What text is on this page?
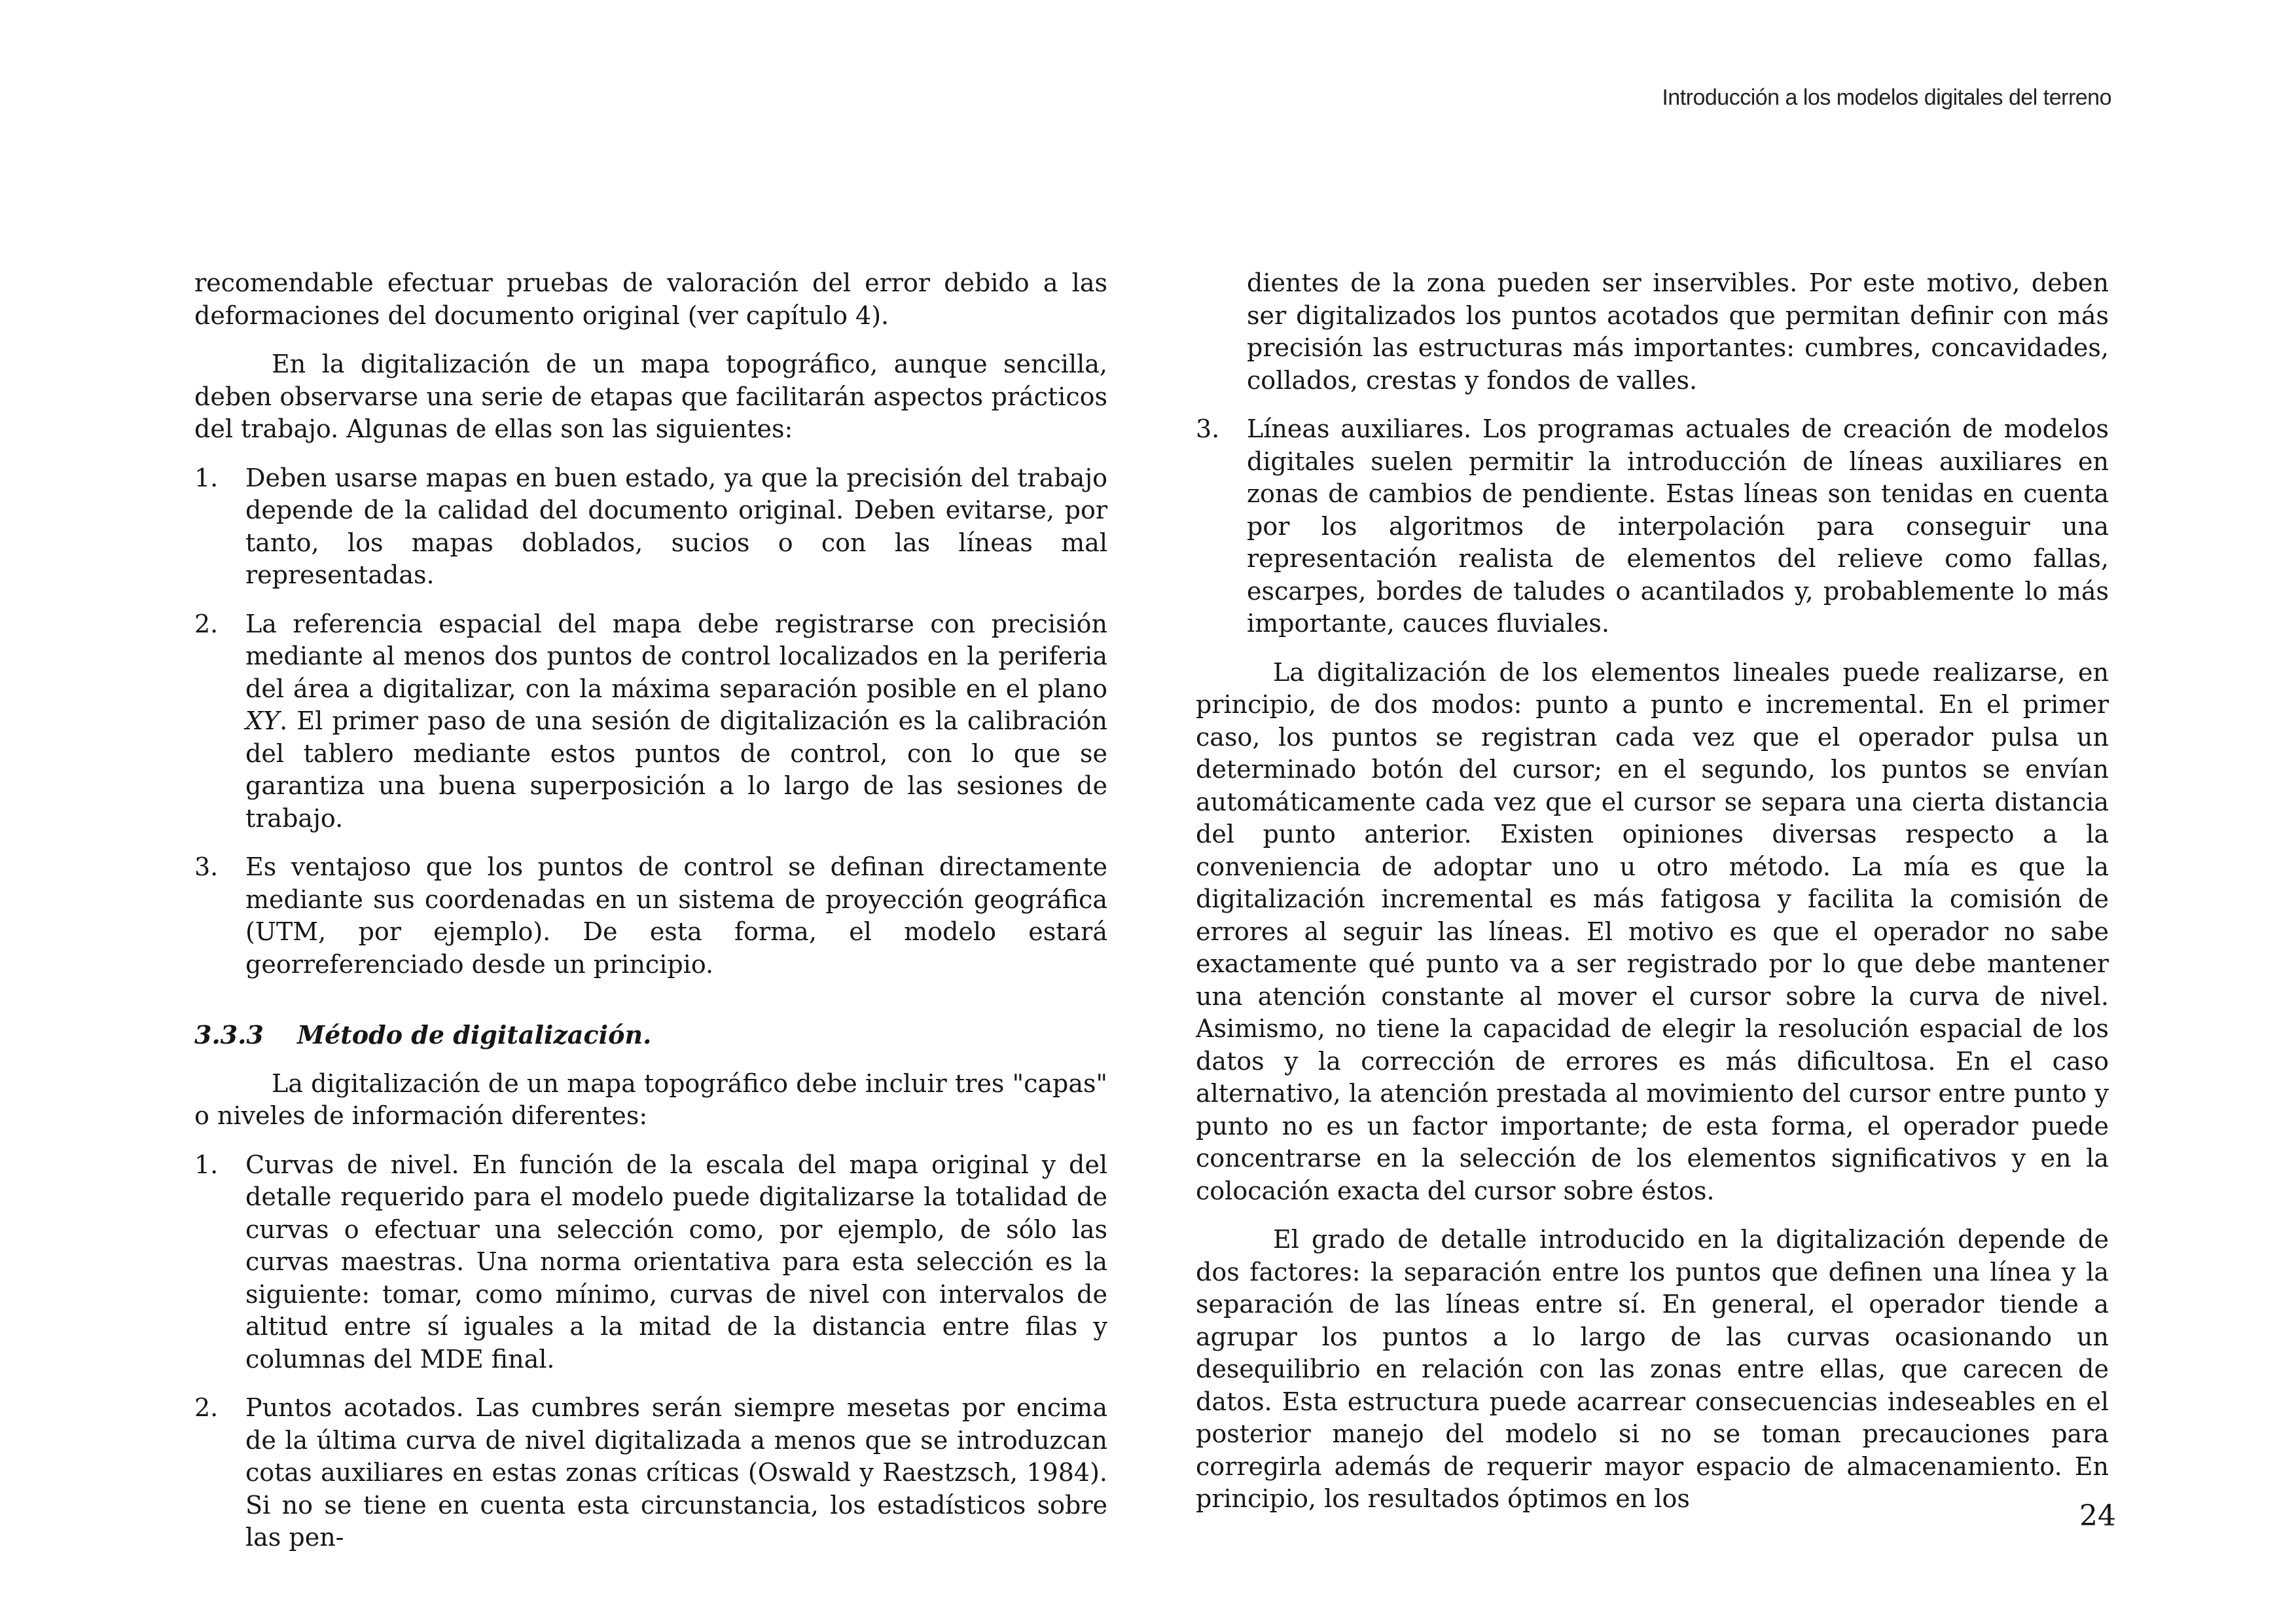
Introducción a los modelos digitales del terreno

recomendable efectuar pruebas de valoración del error debido a las deformaciones del documento original (ver capítulo 4).

En la digitalización de un mapa topográfico, aunque sencilla, deben observarse una serie de etapas que facilitarán aspectos prácticos del trabajo. Algunas de ellas son las siguientes:

1. Deben usarse mapas en buen estado, ya que la precisión del trabajo depende de la calidad del documento original. Deben evitarse, por tanto, los mapas doblados, sucios o con las líneas mal representadas.
2. La referencia espacial del mapa debe registrarse con precisión mediante al menos dos puntos de control localizados en la periferia del área a digitalizar, con la máxima separación posible en el plano XY. El primer paso de una sesión de digitalización es la calibración del tablero mediante estos puntos de control, con lo que se garantiza una buena superposición a lo largo de las sesiones de trabajo.
3. Es ventajoso que los puntos de control se definan directamente mediante sus coordenadas en un sistema de proyección geográfica (UTM, por ejemplo). De esta forma, el modelo estará georreferenciado desde un principio.
3.3.3	Método de digitalización.

La digitalización de un mapa topográfico debe incluir tres "capas" o niveles de información diferentes:

1. Curvas de nivel. En función de la escala del mapa original y del detalle requerido para el modelo puede digitalizarse la totalidad de curvas o efectuar una selección como, por ejemplo, de sólo las curvas maestras. Una norma orientativa para esta selección es la siguiente: tomar, como mínimo, curvas de nivel con intervalos de altitud entre sí iguales a la mitad de la distancia entre filas y columnas del MDE final.
2. Puntos acotados. Las cumbres serán siempre mesetas por encima de la última curva de nivel digitalizada a menos que se introduzcan cotas auxiliares en estas zonas críticas (Oswald y Raestzsch, 1984). Si no se tiene en cuenta esta circunstancia, los estadísticos sobre las pen-

dientes de la zona pueden ser inservibles. Por este motivo, deben ser digitalizados los puntos acotados que permitan definir con más precisión las estructuras más importantes: cumbres, concavidades, collados, crestas y fondos de valles.

3. Líneas auxiliares. Los programas actuales de creación de modelos digitales suelen permitir la introducción de líneas auxiliares en zonas de cambios de pendiente. Estas líneas son tenidas en cuenta por los algoritmos de interpolación para conseguir una representación realista de elementos del relieve como fallas, escarpes, bordes de taludes o acantilados y, probablemente lo más importante, cauces fluviales.

La digitalización de los elementos lineales puede realizarse, en principio, de dos modos: punto a punto e incremental. En el primer caso, los puntos se registran cada vez que el operador pulsa un determinado botón del cursor; en el segundo, los puntos se envían automáticamente cada vez que el cursor se separa una cierta distancia del punto anterior. Existen opiniones diversas respecto a la conveniencia de adoptar uno u otro método. La mía es que la digitalización incremental es más fatigosa y facilita la comisión de errores al seguir las líneas. El motivo es que el operador no sabe exactamente qué punto va a ser registrado por lo que debe mantener una atención constante al mover el cursor sobre la curva de nivel. Asimismo, no tiene la capacidad de elegir la resolución espacial de los datos y la corrección de errores es más dificultosa. En el caso alternativo, la atención prestada al movimiento del cursor entre punto y punto no es un factor importante; de esta forma, el operador puede concentrarse en la selección de los elementos significativos y en la colocación exacta del cursor sobre éstos.

El grado de detalle introducido en la digitalización depende de dos factores: la separación entre los puntos que definen una línea y la separación de las líneas entre sí. En general, el operador tiende a agrupar los puntos a lo largo de las curvas ocasionando un desequilibrio en relación con las zonas entre ellas, que carecen de datos. Esta estructura puede acarrear consecuencias indeseables en el posterior manejo del modelo si no se toman precauciones para corregirla además de requerir mayor espacio de almacenamiento. En principio, los resultados óptimos en los

24
